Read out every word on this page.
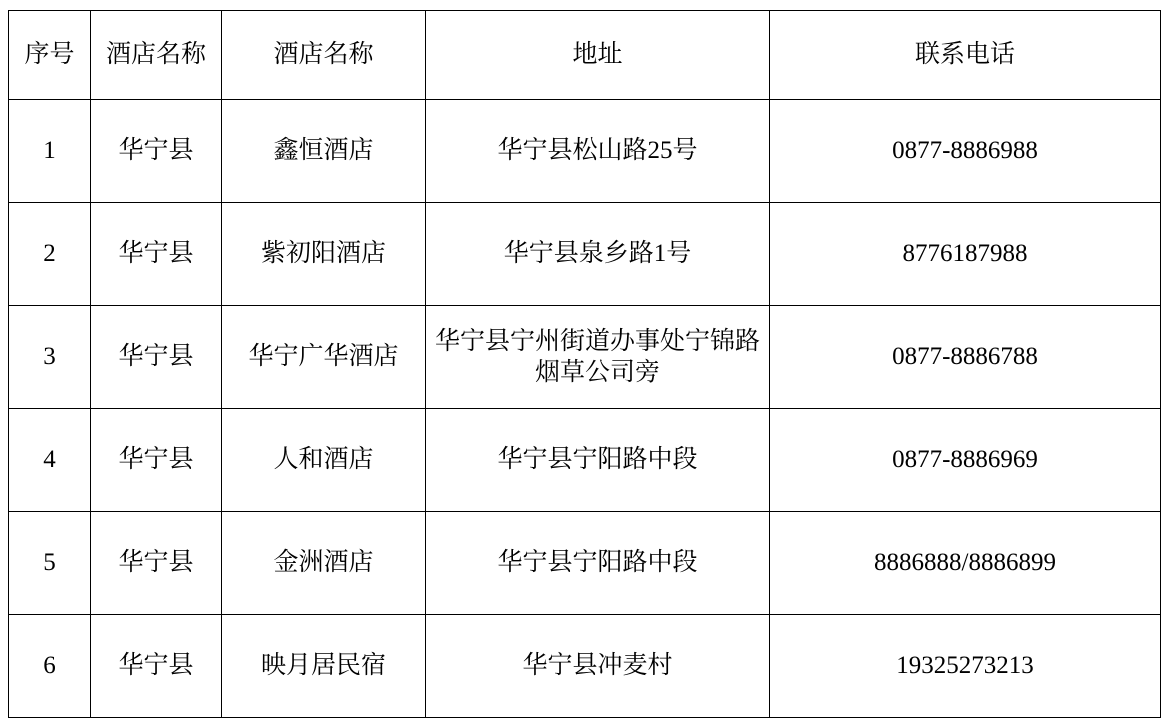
序号	酒店名称	酒店名称	地址	联系电话
1	华宁县	鑫恒酒店	华宁县松山路25号	0877-8886988
2	华宁县	紫初阳酒店	华宁县泉乡路1号	8776187988
3	华宁县	华宁广华酒店	华宁县宁州街道办事处宁锦路烟草公司旁	0877-8886788
4	华宁县	人和酒店	华宁县宁阳路中段	0877-8886969
5	华宁县	金洲酒店	华宁县宁阳路中段	8886888/8886899
6	华宁县	映月居民宿	华宁县冲麦村	19325273213
